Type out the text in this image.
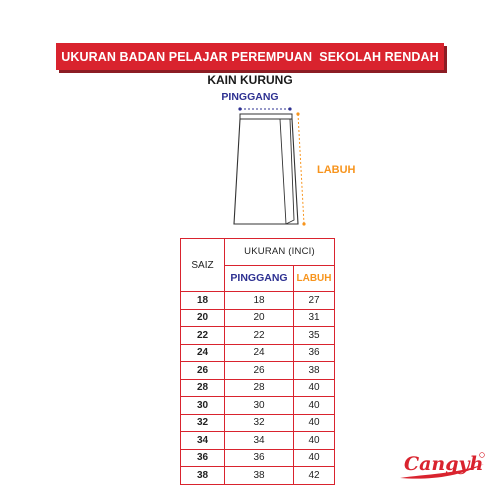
UKURAN BADAN PELAJAR PEREMPUAN  SEKOLAH RENDAH
KAIN KURUNG
PINGGANG
LABUH
SAIZ	UKURAN (INCI)	
	PINGGANG	LABUH
18	18	27
20	20	31
22	22	35
24	24	36
26	26	38
28	28	40
30	30	40
32	32	40
34	34	40
36	36	40
38	38	42
Cangyh
